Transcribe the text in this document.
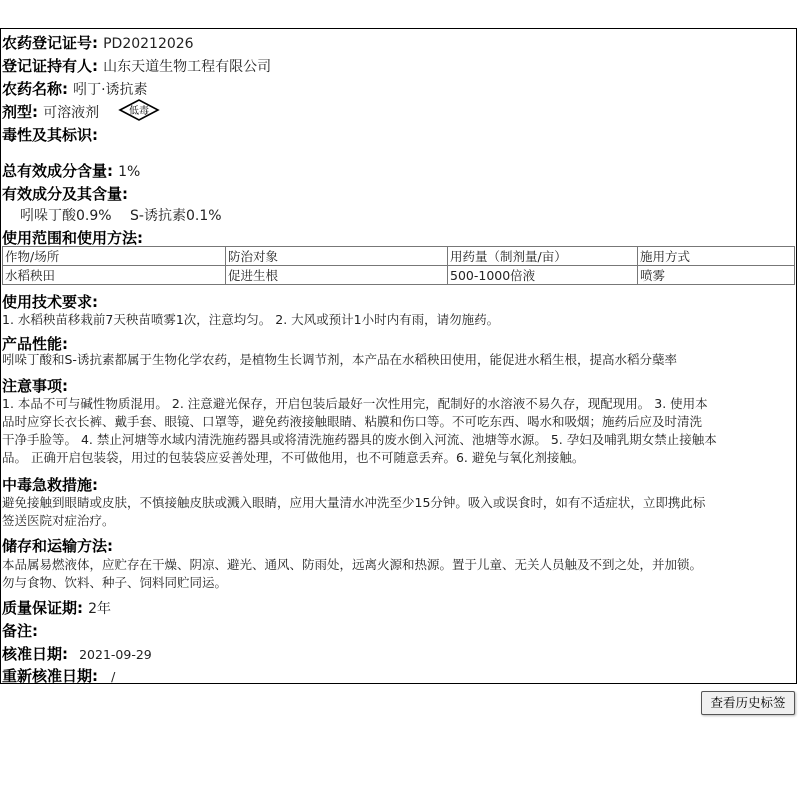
农药登记证号: PD20212026
登记证持有人: 山东天道生物工程有限公司
农药名称: 吲丁·诱抗素
剂型: 可溶液剂
毒性及其标识:
低毒
总有效成分含量: 1%
有效成分及其含量:
吲哚丁酸0.9%　 S-诱抗素0.1%
使用范围和使用方法:
作物/场所	防治对象	用药量（制剂量/亩）	施用方式
水稻秧田	促进生根	500-1000倍液	喷雾
使用技术要求:
1. 水稻秧苗移栽前7天秧苗喷雾1次，注意均匀。 2. 大风或预计1小时内有雨，请勿施药。
产品性能:
吲哚丁酸和S-诱抗素都属于生物化学农药，是植物生长调节剂，本产品在水稻秧田使用，能促进水稻生根，提高水稻分蘖率
注意事项:
1. 本品不可与碱性物质混用。 2. 注意避光保存，开启包装后最好一次性用完，配制好的水溶液不易久存，现配现用。 3. 使用本
品时应穿长衣长裤、戴手套、眼镜、口罩等，避免药液接触眼睛、粘膜和伤口等。不可吃东西、喝水和吸烟；施药后应及时清洗
干净手脸等。 4. 禁止河塘等水域内清洗施药器具或将清洗施药器具的废水倒入河流、池塘等水源。 5. 孕妇及哺乳期女禁止接触本
品。 正确开启包装袋，用过的包装袋应妥善处理，不可做他用，也不可随意丢弃。6. 避免与氧化剂接触。
中毒急救措施:
避免接触到眼睛或皮肤，不慎接触皮肤或溅入眼睛，应用大量清水冲洗至少15分钟。吸入或误食时，如有不适症状，立即携此标
签送医院对症治疗。
储存和运输方法:
本品属易燃液体，应贮存在干燥、阴凉、避光、通风、防雨处，远离火源和热源。置于儿童、无关人员触及不到之处，并加锁。
勿与食物、饮料、种子、饲料同贮同运。
质量保证期: 2年
备注:
核准日期: 2021-09-29
重新核准日期: /
查看历史标签
